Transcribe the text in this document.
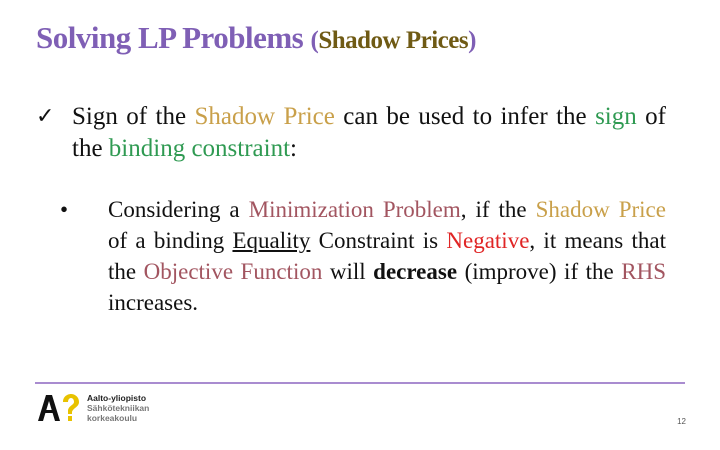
Solving LP Problems (Shadow Prices)
✓ Sign of the Shadow Price can be used to infer the sign of the binding constraint:
•	Considering a Minimization Problem, if the Shadow Price of a binding Equality Constraint is Negative, it means that the Objective Function will decrease (improve) if the RHS increases.
Aalto-yliopisto
Sähkötekniikan
korkeakoulu	12
